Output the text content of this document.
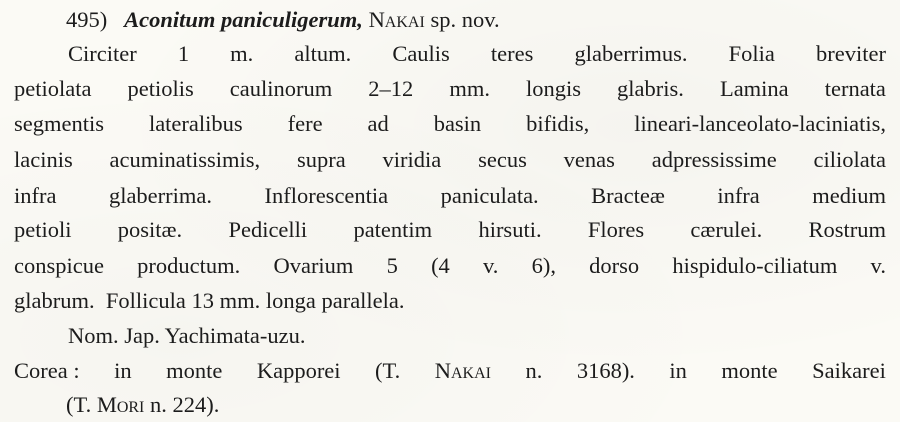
495) Aconitum paniculigerum, Nakai sp. nov.
Circiter 1 m. altum. Caulis teres glaberrimus. Folia breviter
petiolata petiolis caulinorum 2–12 mm. longis glabris. Lamina ternata
segmentis lateralibus fere ad basin bifidis, lineari-lanceolato-laciniatis,
lacinis acuminatissimis, supra viridia secus venas adpressissime ciliolata
infra glaberrima. Inflorescentia paniculata. Bracteæ infra medium
petioli positæ. Pedicelli patentim hirsuti. Flores cærulei. Rostrum
conspicue productum. Ovarium 5 (4 v. 6), dorso hispidulo-ciliatum v.
glabrum.  Follicula 13 mm. longa parallela.
Nom. Jap. Yachimata-uzu.
Corea : in monte Kapporei (T. Nakai n. 3168). in monte Saikarei
(T. Mori n. 224).
